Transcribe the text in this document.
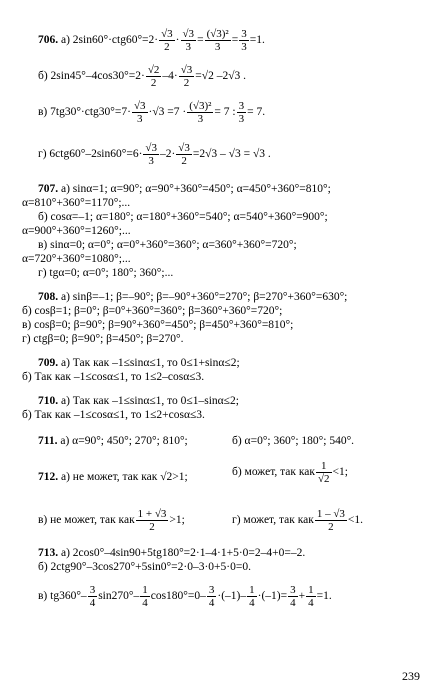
706. а) $2\sin 60^\circ\cdot ctg60^\circ=2\cdot \frac{√3}{2} \cdot \frac{√3}{3} = \frac{\text{(√3)²}}{3} = \frac{3}{3} =1$.
б) $2\sin 45^\circ-4\cos 30^\circ=2\cdot \frac{√2}{2} -4\cdot \frac{√3}{2} =√2$ –2√3 .
в) $7tg30^\circ\cdot ctg30^\circ=7\cdot \frac{√3}{3} \cdot√3 =7 \cdot \frac{\text{(√3)²}}{3} = 7$ : $\frac{3}{3} = 7$.
г) $6ctg60^\circ-2\sin 60^\circ=6\cdot \frac{√3}{3} -2\cdot \frac{√3}{2} =2√3 - √3 = √3$ .
707. а) sinα=1; α=90°; α=90°+360°=450°; α=450°+360°=810°;
α=810°+360°=1170°;...
б) cosα=–1; α=180°; α=180°+360°=540°; α=540°+360°=900°;
α=900°+360°=1260°;...
в) sinα=0; α=0°; α=0°+360°=360°; α=360°+360°=720°;
α=720°+360°=1080°;...
г) tgα=0; α=0°; 180°; 360°;...
708. а) sinβ=–1; β=–90°; β=–90°+360°=270°; β=270°+360°=630°;
б) cosβ=1; β=0°; β=0°+360°=360°; β=360°+360°=720°;
в) cosβ=0; β=90°; β=90°+360°=450°; β=450°+360°=810°;
г) ctgβ=0; β=90°; β=450°; β=270°.
709. а) Так как –1≤sinα≤1, то 0≤1+sinα≤2;
б) Так как –1≤cosα≤1, то 1≤2–cosα≤3.
710. а) Так как –1≤sinα≤1, то 0≤1–sinα≤2;
б) Так как –1≤cosα≤1, то 1≤2+cosα≤3.
711. а) α=90°; 450°; 270°; 810°;	б) α=0°; 360°; 180°; 540°.
712. а) не может, так как √2>1;	б) может, так как $\frac{1}{√2} <1$;
в) не может, так как $\frac{1 + √3}{2} >1$;	г) может, так как $\frac{1 - √3}{2} <1$.
713. а) 2cos0°–4sin90+5tg180°=2·1–4·1+5·0=2–4+0=–2.
б) 2ctg90°–3cos270°+5sin0°=2·0–3·0+5·0=0.
в) $tg360^\circ- \frac{3}{4} \sin 270^\circ- \frac{1}{4} \cos 180^\circ=0- \frac{3}{4} \cdot(-1)- \frac{1}{4} \cdot(-1)= \frac{3}{4} + \frac{1}{4} =1$.
239
